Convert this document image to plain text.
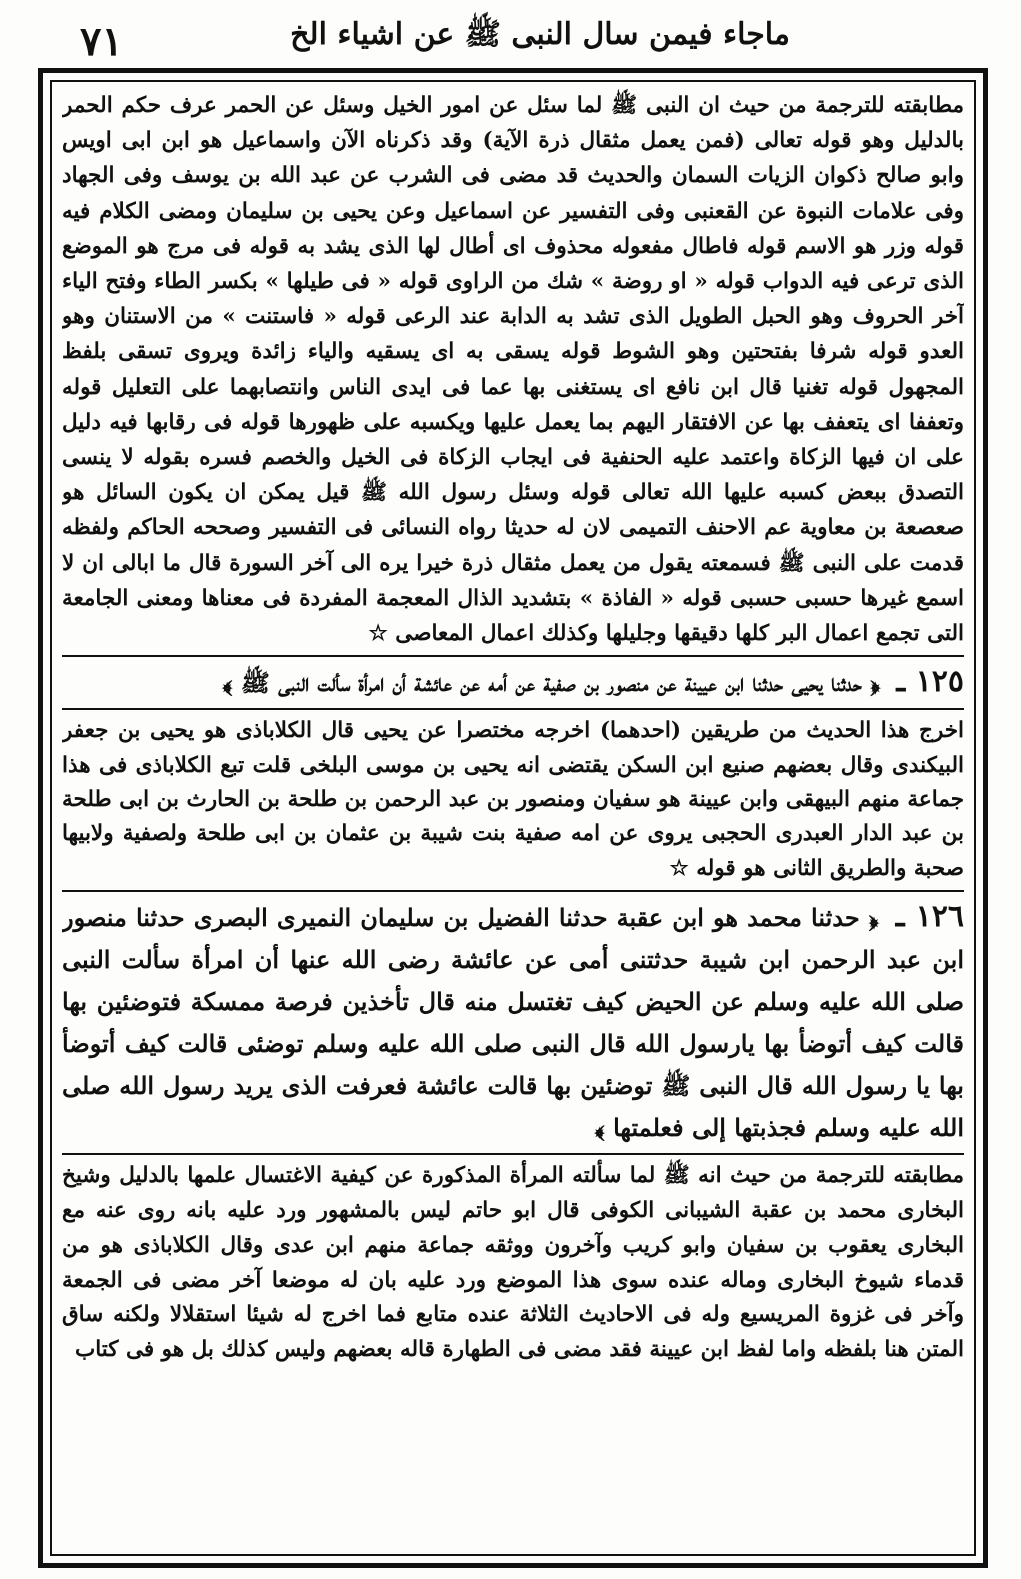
٧١	ماجاء فيمن سال النبى ﷺ عن اشياء الخ

مطابقته للترجمة من حيث ان النبى ﷺ لما سئل عن امور الخيل وسئل عن الحمر عرف حكم الحمر بالدليل وهو قوله تعالى (فمن يعمل مثقال ذرة الآية) وقد ذكرناه الآن واسماعيل هو ابن ابى اويس وابو صالح ذكوان الزيات السمان والحديث قد مضى فى الشرب عن عبد الله بن يوسف وفى الجهاد وفى علامات النبوة عن القعنبى وفى التفسير عن اسماعيل وعن يحيى بن سليمان ومضى الكلام فيه قوله وزر هو الاسم قوله فاطال مفعوله محذوف اى أطال لها الذى يشد به قوله فى مرج هو الموضع الذى ترعى فيه الدواب قوله « او روضة » شك من الراوى قوله « فى طيلها » بكسر الطاء وفتح الياء آخر الحروف وهو الحبل الطويل الذى تشد به الدابة عند الرعى قوله « فاستنت » من الاستنان وهو العدو قوله شرفا بفتحتين وهو الشوط قوله يسقى به اى يسقيه والياء زائدة ويروى تسقى بلفظ المجهول قوله تغنيا قال ابن نافع اى يستغنى بها عما فى ايدى الناس وانتصابهما على التعليل قوله وتعففا اى يتعفف بها عن الافتقار اليهم بما يعمل عليها ويكسبه على ظهورها قوله فى رقابها فيه دليل على ان فيها الزكاة واعتمد عليه الحنفية فى ايجاب الزكاة فى الخيل والخصم فسره بقوله لا ينسى التصدق ببعض كسبه عليها الله تعالى قوله وسئل رسول الله ﷺ قيل يمكن ان يكون السائل هو صعصعة بن معاوية عم الاحنف التميمى لان له حديثا رواه النسائى فى التفسير وصححه الحاكم ولفظه قدمت على النبى ﷺ فسمعته يقول من يعمل مثقال ذرة خيرا يره الى آخر السورة قال ما ابالى ان لا اسمع غيرها حسبى حسبى قوله « الفاذة » بتشديد الذال المعجمة المفردة فى معناها ومعنى الجامعة التى تجمع اعمال البر كلها دقيقها وجليلها وكذلك اعمال المعاصى ☆

١٢٥ ـ ﴿ حدثنا يحيى حدثنا ابن عيينة عن منصور بن صفية عن أمه عن عائشة أن امرأة سألت النبى ﷺ ﴾

اخرج هذا الحديث من طريقين (احدهما) اخرجه مختصرا عن يحيى قال الكلاباذى هو يحيى بن جعفر البيكندى وقال بعضهم صنيع ابن السكن يقتضى انه يحيى بن موسى البلخى قلت تبع الكلاباذى فى هذا جماعة منهم البيهقى وابن عيينة هو سفيان ومنصور بن عبد الرحمن بن طلحة بن الحارث بن ابى طلحة بن عبد الدار العبدرى الحجبى يروى عن امه صفية بنت شيبة بن عثمان بن ابى طلحة ولصفية ولابيها صحبة والطريق الثانى هو قوله ☆

١٢٦ ـ ﴿ حدثنا محمد هو ابن عقبة حدثنا الفضيل بن سليمان النميرى البصرى حدثنا منصور ابن عبد الرحمن ابن شيبة حدثتنى أمى عن عائشة رضى الله عنها أن امرأة سألت النبى صلى الله عليه وسلم عن الحيض كيف تغتسل منه قال تأخذين فرصة ممسكة فتوضئين بها قالت كيف أتوضأ بها يارسول الله قال النبى صلى الله عليه وسلم توضئى قالت كيف أتوضأ بها يا رسول الله قال النبى ﷺ توضئين بها قالت عائشة فعرفت الذى يريد رسول الله صلى الله عليه وسلم فجذبتها إلى فعلمتها ﴾

مطابقته للترجمة من حيث انه ﷺ لما سألته المرأة المذكورة عن كيفية الاغتسال علمها بالدليل وشيخ البخارى محمد بن عقبة الشيبانى الكوفى قال ابو حاتم ليس بالمشهور ورد عليه بانه روى عنه مع البخارى يعقوب بن سفيان وابو كريب وآخرون ووثقه جماعة منهم ابن عدى وقال الكلاباذى هو من قدماء شيوخ البخارى وماله عنده سوى هذا الموضع ورد عليه بان له موضعا آخر مضى فى الجمعة وآخر فى غزوة المريسيع وله فى الاحاديث الثلاثة عنده متابع فما اخرج له شيئا استقلالا ولكنه ساق المتن هنا بلفظه واما لفظ ابن عيينة فقد مضى فى الطهارة قاله بعضهم وليس كذلك بل هو فى كتاب
